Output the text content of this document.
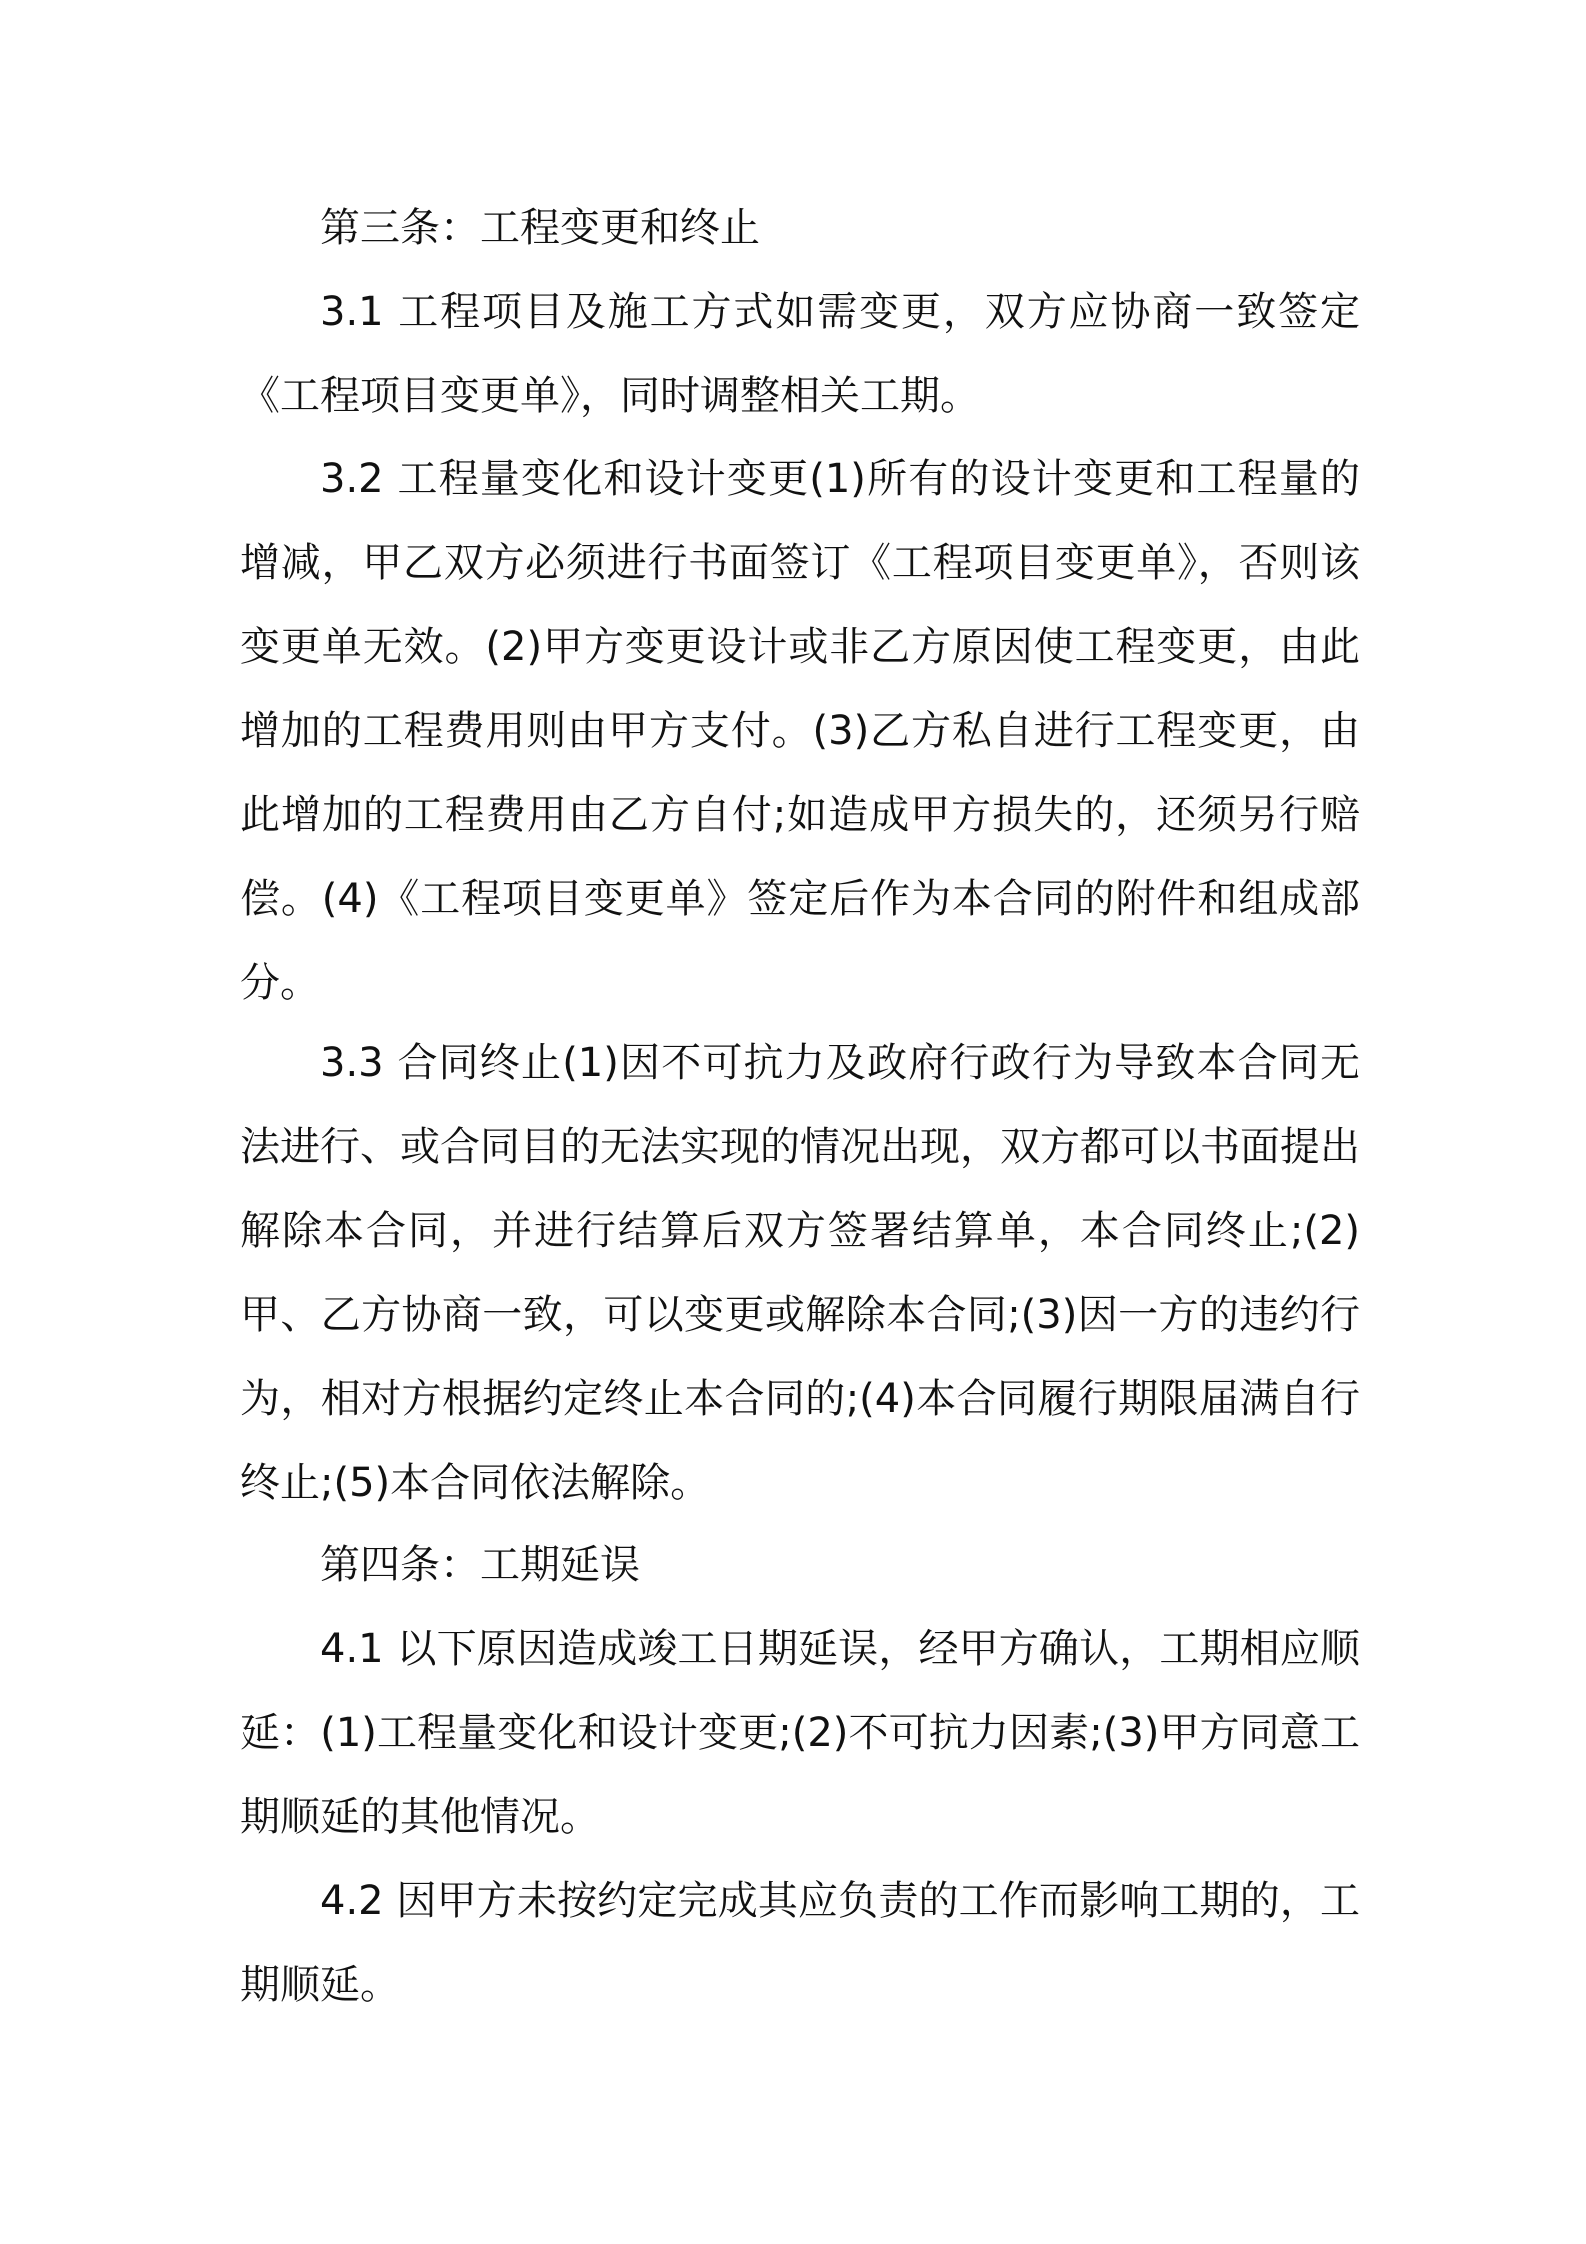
第三条：工程变更和终止

3.1 工程项目及施工方式如需变更，双方应协商一致签定《工程项目变更单》，同时调整相关工期。

3.2 工程量变化和设计变更(1)所有的设计变更和工程量的增减，甲乙双方必须进行书面签订《工程项目变更单》，否则该变更单无效。(2)甲方变更设计或非乙方原因使工程变更，由此增加的工程费用则由甲方支付。(3)乙方私自进行工程变更，由此增加的工程费用由乙方自付;如造成甲方损失的，还须另行赔偿。(4)《工程项目变更单》签定后作为本合同的附件和组成部分。

3.3 合同终止(1)因不可抗力及政府行政行为导致本合同无法进行、或合同目的无法实现的情况出现，双方都可以书面提出解除本合同，并进行结算后双方签署结算单，本合同终止;(2)甲、乙方协商一致，可以变更或解除本合同;(3)因一方的违约行为，相对方根据约定终止本合同的;(4)本合同履行期限届满自行终止;(5)本合同依法解除。

第四条：工期延误

4.1 以下原因造成竣工日期延误，经甲方确认，工期相应顺延：(1)工程量变化和设计变更;(2)不可抗力因素;(3)甲方同意工期顺延的其他情况。

4.2 因甲方未按约定完成其应负责的工作而影响工期的，工期顺延。
